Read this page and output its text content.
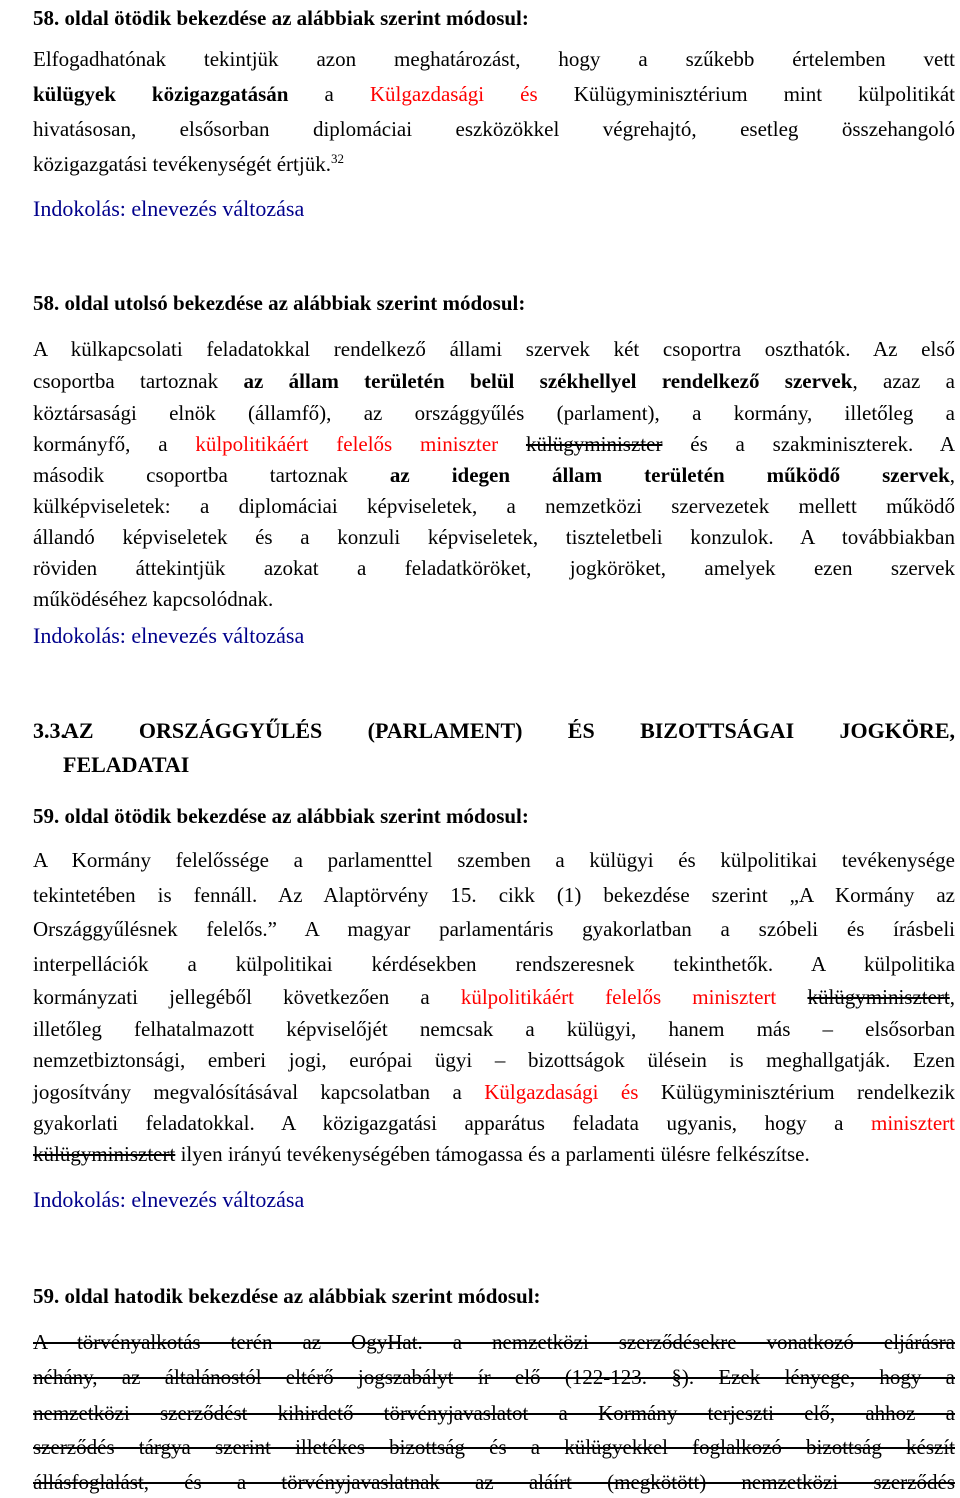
58. oldal ötödik bekezdése az alábbiak szerint módosul:
Elfogadhatónak tekintjük azon meghatározást, hogy a szűkebb értelemben vett
külügyek közigazgatásán a Külgazdasági és Külügyminisztérium mint külpolitikát
hivatásosan, elsősorban diplomáciai eszközökkel végrehajtó, esetleg összehangoló
közigazgatási tevékenységét értjük.$^{32}$
Indokolás: elnevezés változása
58. oldal utolsó bekezdése az alábbiak szerint módosul:
A külkapcsolati feladatokkal rendelkező állami szervek két csoportra oszthatók. Az első
csoportba tartoznak az állam területén belül székhellyel rendelkező szervek, azaz a
köztársasági elnök (államfő), az országgyűlés (parlament), a kormány, illetőleg a
kormányfő, a külpolitikáért felelős miniszter külügyminiszter és a szakminiszterek. A
második csoportba tartoznak az idegen állam területén működő szervek,
külképviseletek: a diplomáciai képviseletek, a nemzetközi szervezetek mellett működő
állandó képviseletek és a konzuli képviseletek, tiszteletbeli konzulok. A továbbiakban
röviden áttekintjük azokat a feladatköröket, jogköröket, amelyek ezen szervek
működéséhez kapcsolódnak.
Indokolás: elnevezés változása
3.3.
AZ ORSZÁGGYŰLÉS (PARLAMENT) ÉS BIZOTTSÁGAI JOGKÖRE,
FELADATAI
59. oldal ötödik bekezdése az alábbiak szerint módosul:
A Kormány felelőssége a parlamenttel szemben a külügyi és külpolitikai tevékenysége
tekintetében is fennáll. Az Alaptörvény 15. cikk (1) bekezdése szerint „A Kormány az
Országgyűlésnek felelős.” A magyar parlamentáris gyakorlatban a szóbeli és írásbeli
interpellációk a külpolitikai kérdésekben rendszeresnek tekinthetők. A külpolitika
kormányzati jellegéből következően a külpolitikáért felelős minisztert külügyminisztert,
illetőleg felhatalmazott képviselőjét nemcsak a külügyi, hanem más – elsősorban
nemzetbiztonsági, emberi jogi, európai ügyi – bizottságok ülésein is meghallgatják. Ezen
jogosítvány megvalósításával kapcsolatban a Külgazdasági és Külügyminisztérium rendelkezik
gyakorlati feladatokkal. A közigazgatási apparátus feladata ugyanis, hogy a minisztert
külügyminisztert ilyen irányú tevékenységében támogassa és a parlamenti ülésre felkészítse.
Indokolás: elnevezés változása
59. oldal hatodik bekezdése az alábbiak szerint módosul:
A törvényalkotás terén az OgyHat. a nemzetközi szerződésekre vonatkozó eljárásra
néhány, az általánostól eltérő jogszabályt ír elő (122-123. §). Ezek lényege, hogy a
nemzetközi szerződést kihirdető törvényjavaslatot a Kormány terjeszti elő, ahhoz a
szerződés tárgya szerint illetékes bizottság és a külügyekkel foglalkozó bizottság készít
állásfoglalást, és a törvényjavaslatnak az aláírt (megkötött) nemzetközi szerződés
